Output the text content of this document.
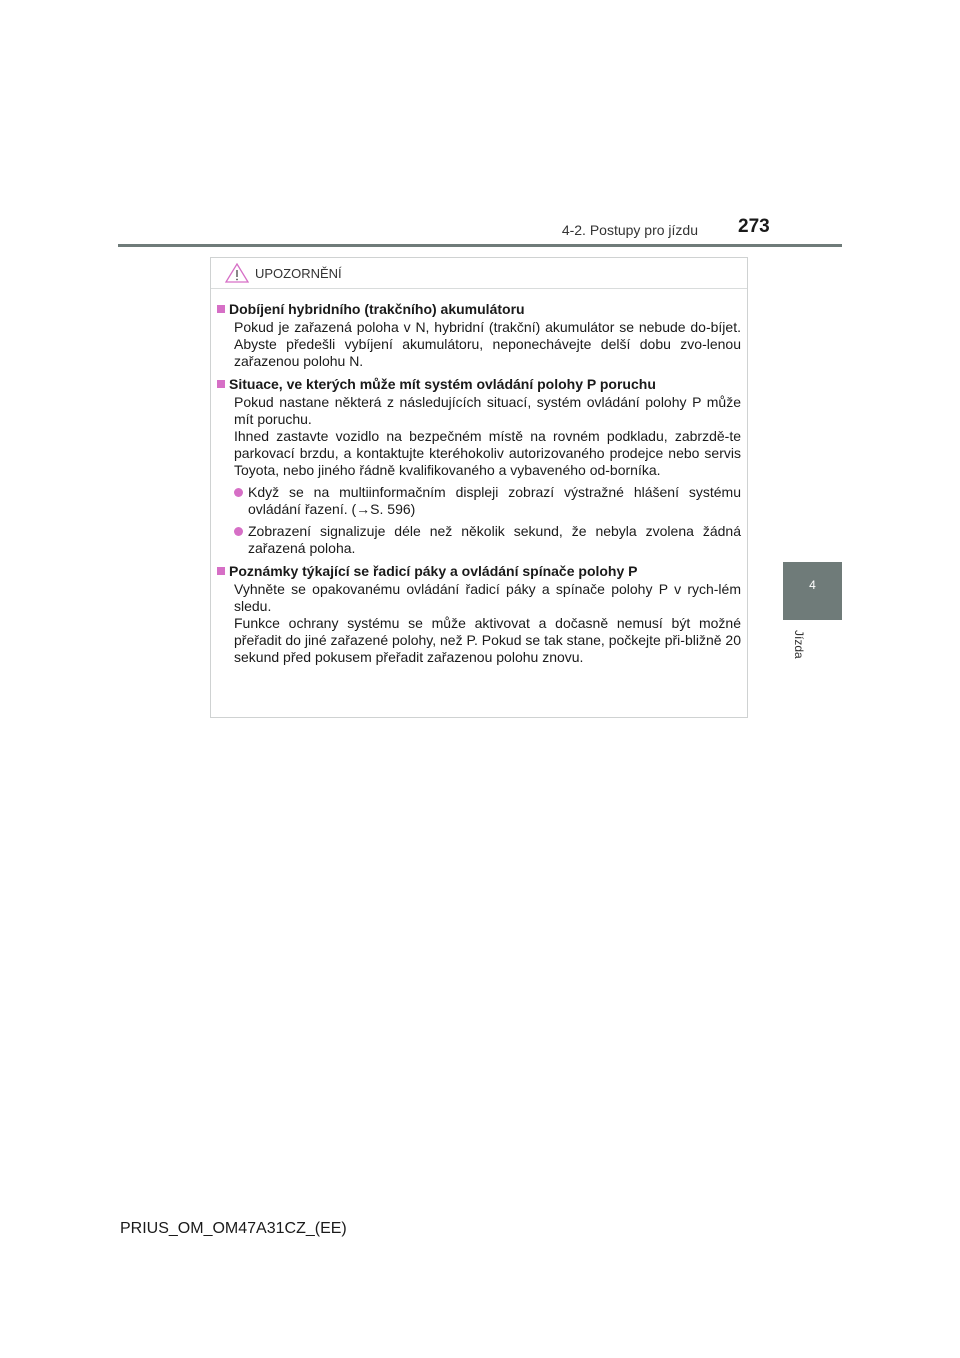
4-2. Postupy pro jízdu 273
4
Jízda
UPOZORNĚNÍ
Dobíjení hybridního (trakčního) akumulátoru

Pokud je zařazená poloha v N, hybridní (trakční) akumulátor se nebude do-bíjet. Abyste předešli vybíjení akumulátoru, neponechávejte delší dobu zvo-lenou zařazenou polohu N.

Situace, ve kterých může mít systém ovládání polohy P poruchu

Pokud nastane některá z následujících situací, systém ovládání polohy P může mít poruchu.

Ihned zastavte vozidlo na bezpečném místě na rovném podkladu, zabrzdě-te parkovací brzdu, a kontaktujte kteréhokoliv autorizovaného prodejce nebo servis Toyota, nebo jiného řádně kvalifikovaného a vybaveného od-borníka.

Když se na multiinformačním displeji zobrazí výstražné hlášení systému ovládání řazení. (→S. 596)
Zobrazení signalizuje déle než několik sekund, že nebyla zvolena žádná zařazená poloha.
Poznámky týkající se řadicí páky a ovládání spínače polohy P

Vyhněte se opakovanému ovládání řadicí páky a spínače polohy P v rych-lém sledu.

Funkce ochrany systému se může aktivovat a dočasně nemusí být možné přeřadit do jiné zařazené polohy, než P. Pokud se tak stane, počkejte při-bližně 20 sekund před pokusem přeřadit zařazenou polohu znovu.

PRIUS_OM_OM47A31CZ_(EE)
